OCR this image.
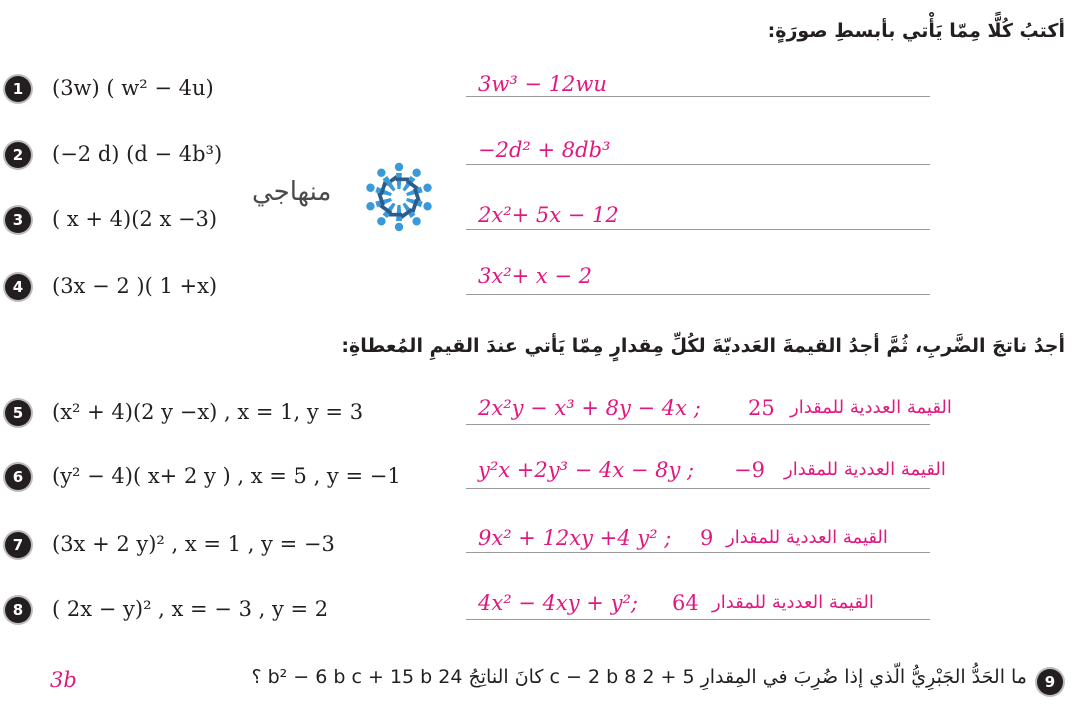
أكتبُ كُلًّا مِمّا يَأْتي بأبسطِ صورَةٍ:
1	(3w) ( w² − 4u)	3w³ − 12wu
2	(−2 d) (d − 4b³)	−2d² + 8db³
3	( x + 4)(2 x −3)	2x²+ 5x − 12
4	(3x − 2 )( 1 +x)	3x²+ x − 2
منهاجي
أجدُ ناتجَ الضَّربِ، ثُمَّ أجدُ القيمةَ العَدديّةَ لكُلِّ مِقدارٍ مِمّا يَأتي عندَ القيمِ المُعطاةِ:
5	(x² + 4)(2 y −x) , x = 1, y = 3	2x²y − x³ + 8y − 4x ; 25 القيمة العددية للمقدار
6	(y² − 4)( x+ 2 y ) , x = 5 , y = −1	y²x +2y³ − 4x − 8y ; −9 القيمة العددية للمقدار
7	(3x + 2 y)² , x = 1 , y = −3	9x² + 12xy +4 y² ; 9 القيمة العددية للمقدار
8	( 2x − y)² , x = − 3 , y = 2	4x² − 4xy + y²; 64 القيمة العددية للمقدار
9
ما الحَدُّ الجَبْرِيُّ الّذي إذا ضُرِبَ في المِقدارِ 5 + 2 c − 2 b 8 كانَ الناتِجُ 24 b² − 6 b c + 15 b ؟
3b
